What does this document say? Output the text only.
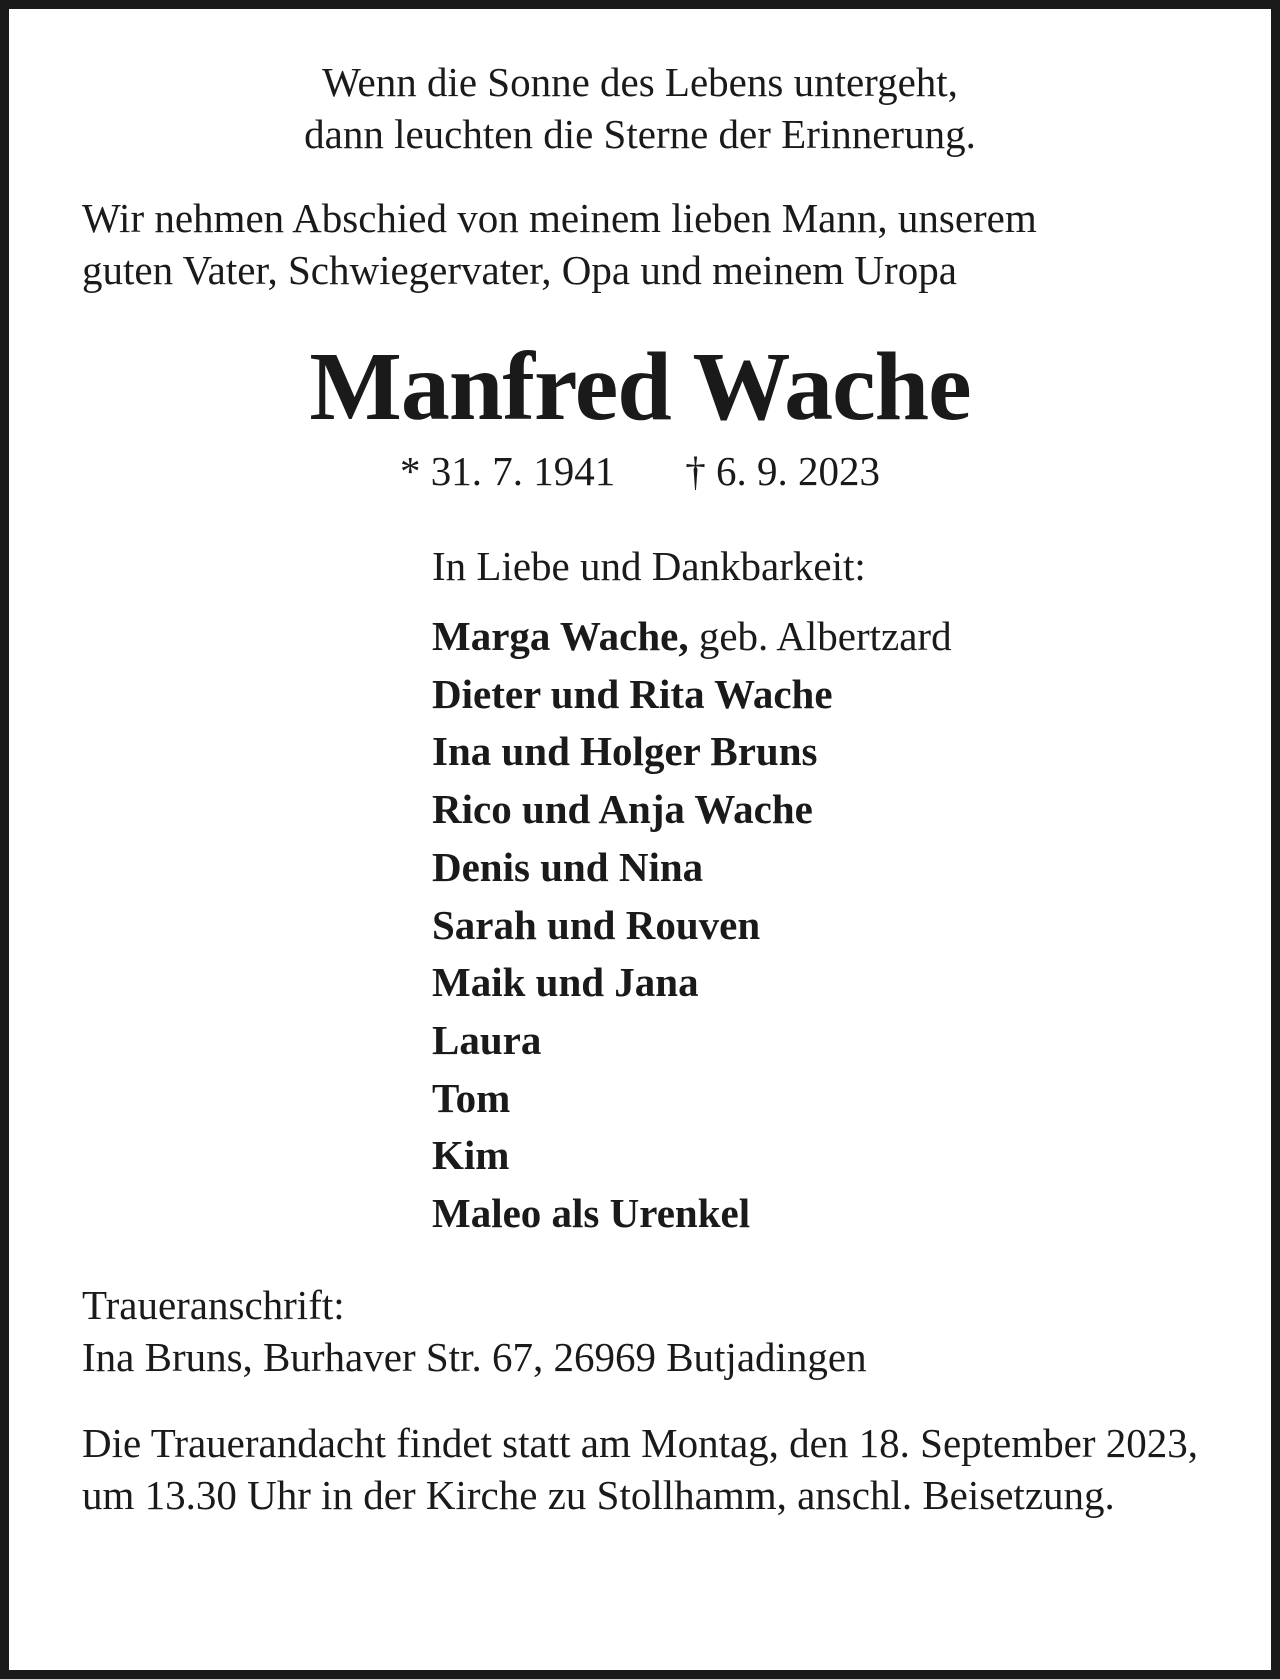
Wenn die Sonne des Lebens untergeht,
dann leuchten die Sterne der Erinnerung.
Wir nehmen Abschied von meinem lieben Mann, unserem
guten Vater, Schwiegervater, Opa und meinem Uropa
Manfred Wache
* 31. 7. 1941 † 6. 9. 2023
In Liebe und Dankbarkeit:
Marga Wache, geb. Albertzard
Dieter und Rita Wache
Ina und Holger Bruns
Rico und Anja Wache
Denis und Nina
Sarah und Rouven
Maik und Jana
Laura
Tom
Kim
Maleo als Urenkel
Traueranschrift:
Ina Bruns, Burhaver Str. 67, 26969 Butjadingen
Die Trauerandacht findet statt am Montag, den 18. September 2023, um 13.30 Uhr in der Kirche zu Stollhamm, anschl. Beisetzung.
